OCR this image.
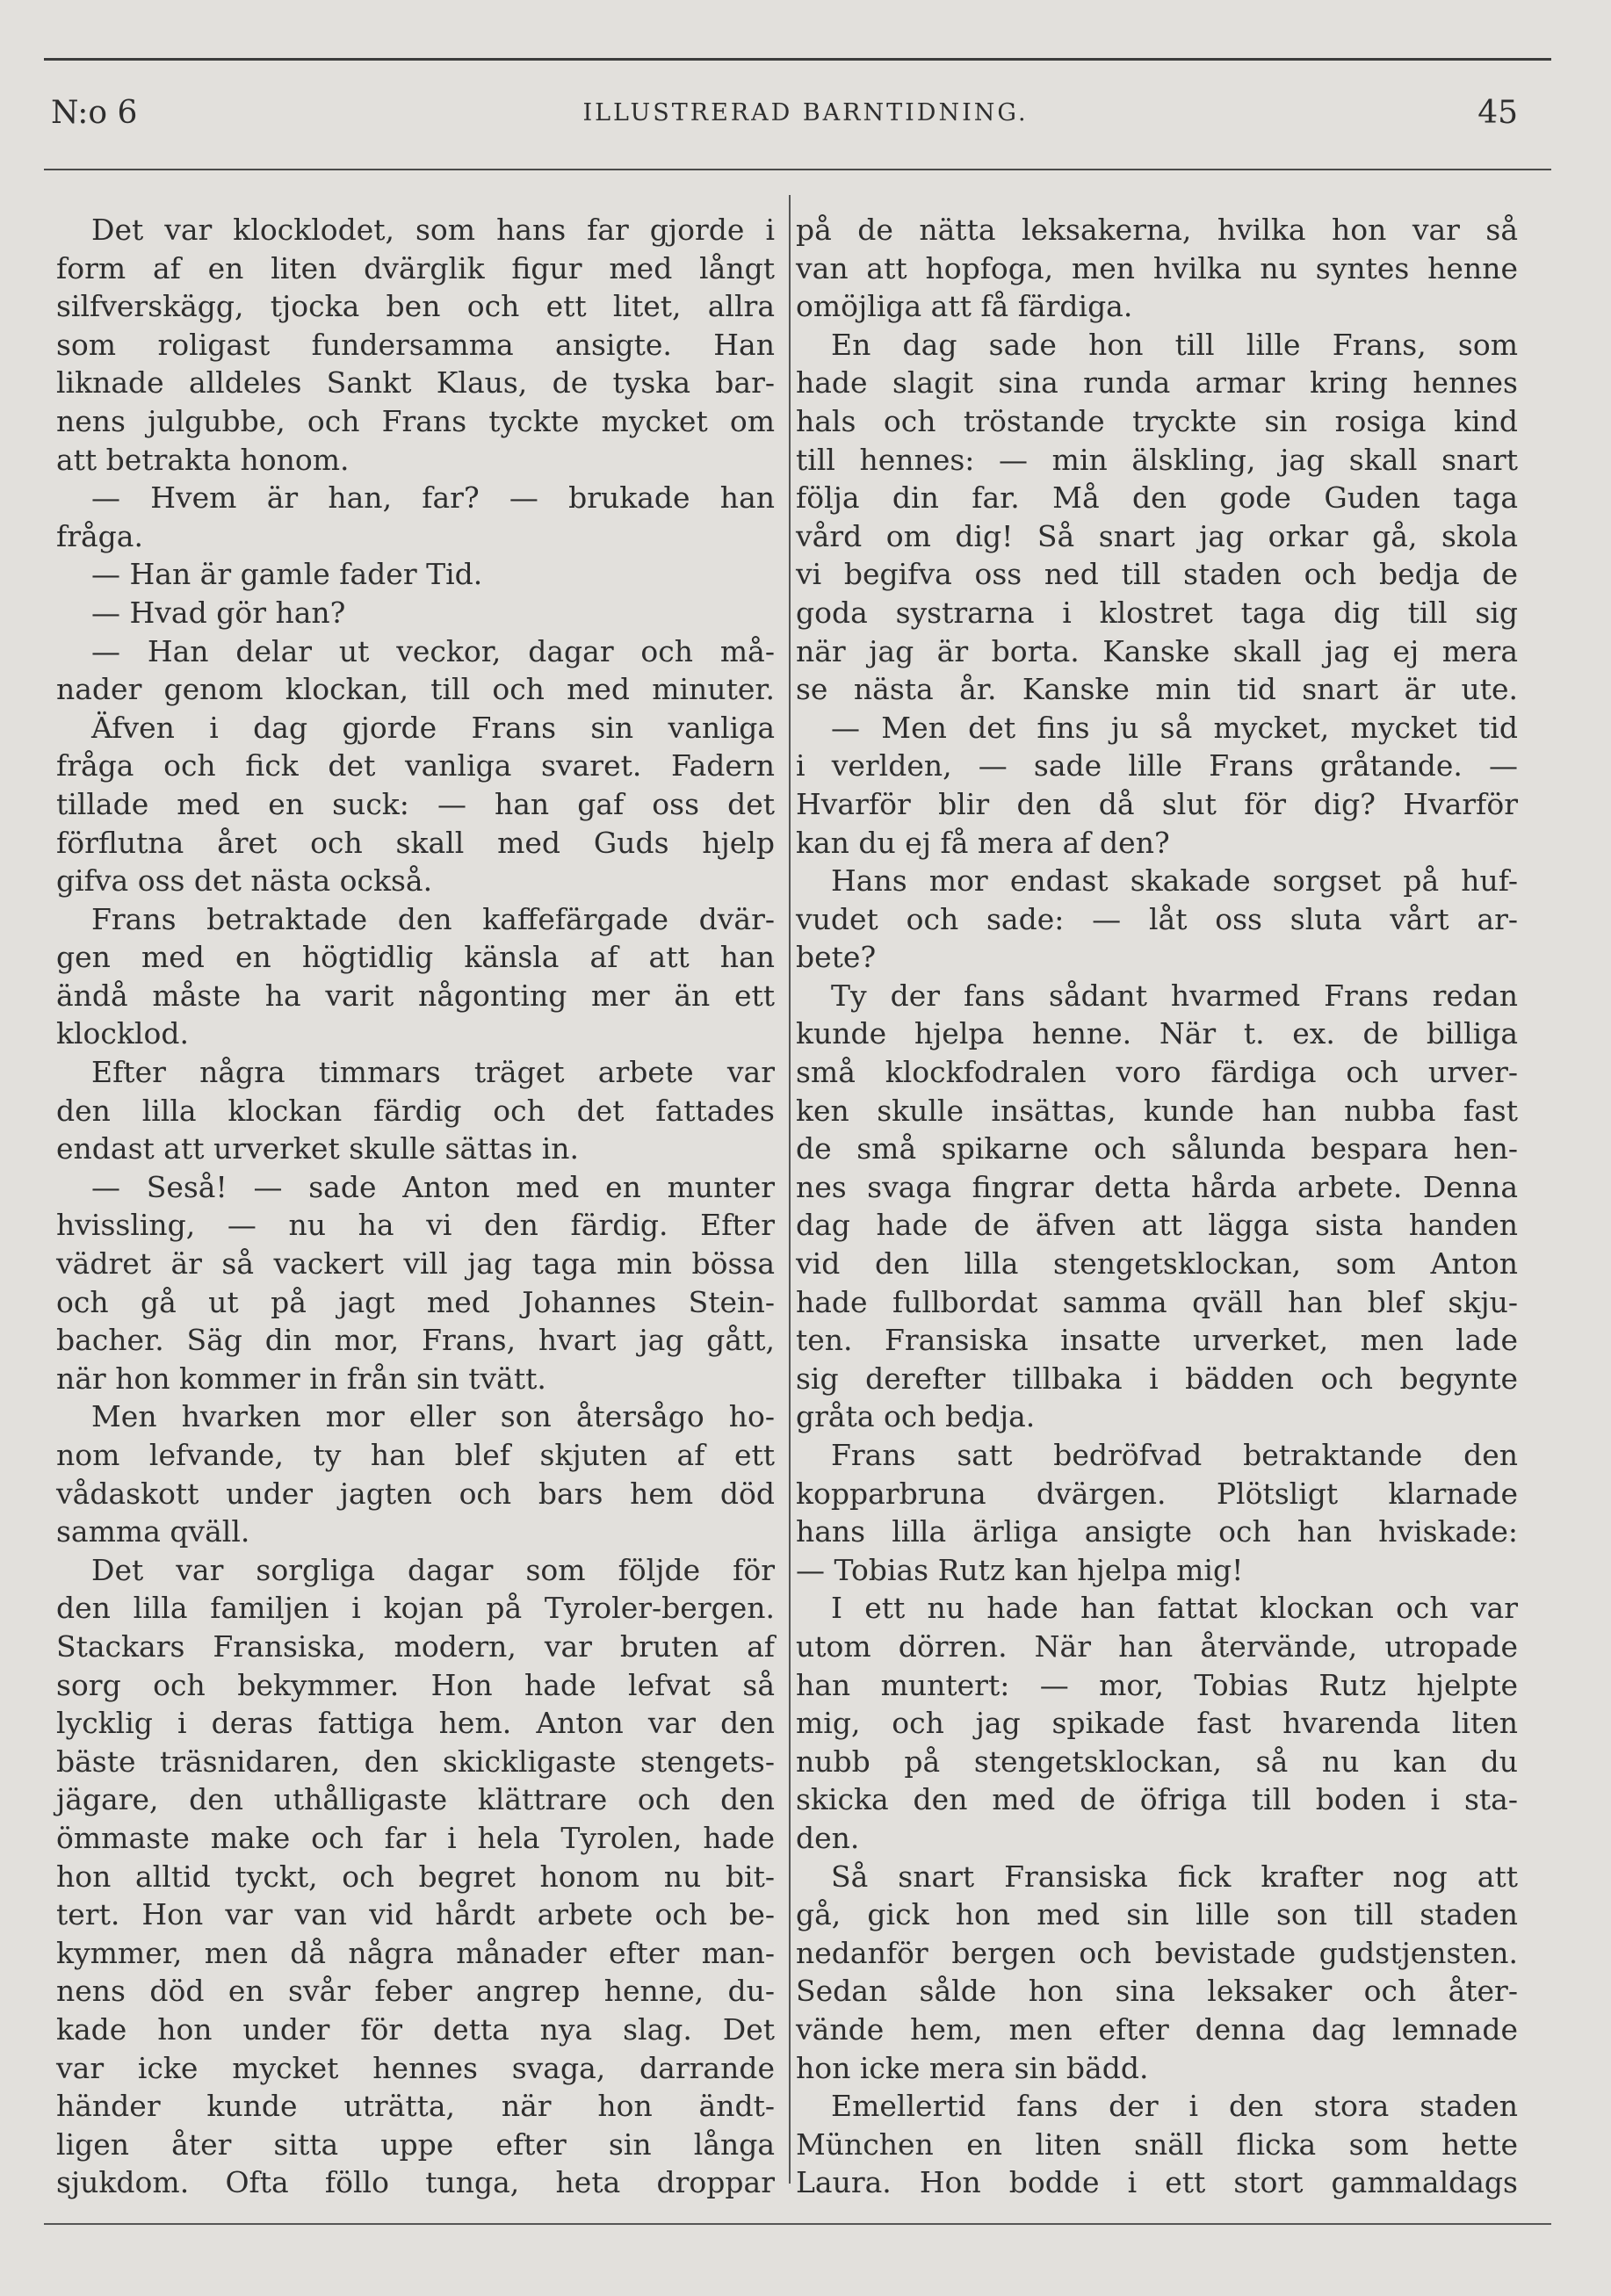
N:o 6	ILLUSTRERAD BARNTIDNING.	45
Det var klocklodet, som hans far gjorde i
form af en liten dvärglik figur med långt
silfverskägg, tjocka ben och ett litet, allra
som roligast fundersamma ansigte. Han
liknade alldeles Sankt Klaus, de tyska bar-
nens julgubbe, och Frans tyckte mycket om
att betrakta honom.
— Hvem är han, far? — brukade han
fråga.
— Han är gamle fader Tid.
— Hvad gör han?
— Han delar ut veckor, dagar och må-
nader genom klockan, till och med minuter.
Äfven i dag gjorde Frans sin vanliga
fråga och fick det vanliga svaret. Fadern
tillade med en suck: — han gaf oss det
förflutna året och skall med Guds hjelp
gifva oss det nästa också.
Frans betraktade den kaffefärgade dvär-
gen med en högtidlig känsla af att han
ändå måste ha varit någonting mer än ett
klocklod.
Efter några timmars träget arbete var
den lilla klockan färdig och det fattades
endast att urverket skulle sättas in.
— Seså! — sade Anton med en munter
hvissling, — nu ha vi den färdig. Efter
vädret är så vackert vill jag taga min bössa
och gå ut på jagt med Johannes Stein-
bacher. Säg din mor, Frans, hvart jag gått,
när hon kommer in från sin tvätt.
Men hvarken mor eller son återsågo ho-
nom lefvande, ty han blef skjuten af ett
vådaskott under jagten och bars hem död
samma qväll.
Det var sorgliga dagar som följde för
den lilla familjen i kojan på Tyroler-bergen.
Stackars Fransiska, modern, var bruten af
sorg och bekymmer. Hon hade lefvat så
lycklig i deras fattiga hem. Anton var den
bäste träsnidaren, den skickligaste stengets-
jägare, den uthålligaste klättrare och den
ömmaste make och far i hela Tyrolen, hade
hon alltid tyckt, och begret honom nu bit-
tert. Hon var van vid hårdt arbete och be-
kymmer, men då några månader efter man-
nens död en svår feber angrep henne, du-
kade hon under för detta nya slag. Det
var icke mycket hennes svaga, darrande
händer kunde uträtta, när hon ändt-
ligen åter sitta uppe efter sin långa
sjukdom. Ofta föllo tunga, heta droppar
på de nätta leksakerna, hvilka hon var så
van att hopfoga, men hvilka nu syntes henne
omöjliga att få färdiga.
En dag sade hon till lille Frans, som
hade slagit sina runda armar kring hennes
hals och tröstande tryckte sin rosiga kind
till hennes: — min älskling, jag skall snart
följa din far. Må den gode Guden taga
vård om dig! Så snart jag orkar gå, skola
vi begifva oss ned till staden och bedja de
goda systrarna i klostret taga dig till sig
när jag är borta. Kanske skall jag ej mera
se nästa år. Kanske min tid snart är ute.
— Men det fins ju så mycket, mycket tid
i verlden, — sade lille Frans gråtande. —
Hvarför blir den då slut för dig? Hvarför
kan du ej få mera af den?
Hans mor endast skakade sorgset på huf-
vudet och sade: — låt oss sluta vårt ar-
bete?
Ty der fans sådant hvarmed Frans redan
kunde hjelpa henne. När t. ex. de billiga
små klockfodralen voro färdiga och urver-
ken skulle insättas, kunde han nubba fast
de små spikarne och sålunda bespara hen-
nes svaga fingrar detta hårda arbete. Denna
dag hade de äfven att lägga sista handen
vid den lilla stengetsklockan, som Anton
hade fullbordat samma qväll han blef skju-
ten. Fransiska insatte urverket, men lade
sig derefter tillbaka i bädden och begynte
gråta och bedja.
Frans satt bedröfvad betraktande den
kopparbruna dvärgen. Plötsligt klarnade
hans lilla ärliga ansigte och han hviskade:
— Tobias Rutz kan hjelpa mig!
I ett nu hade han fattat klockan och var
utom dörren. När han återvände, utropade
han muntert: — mor, Tobias Rutz hjelpte
mig, och jag spikade fast hvarenda liten
nubb på stengetsklockan, så nu kan du
skicka den med de öfriga till boden i sta-
den.
Så snart Fransiska fick krafter nog att
gå, gick hon med sin lille son till staden
nedanför bergen och bevistade gudstjensten.
Sedan sålde hon sina leksaker och åter-
vände hem, men efter denna dag lemnade
hon icke mera sin bädd.
Emellertid fans der i den stora staden
München en liten snäll flicka som hette
Laura. Hon bodde i ett stort gammaldags
